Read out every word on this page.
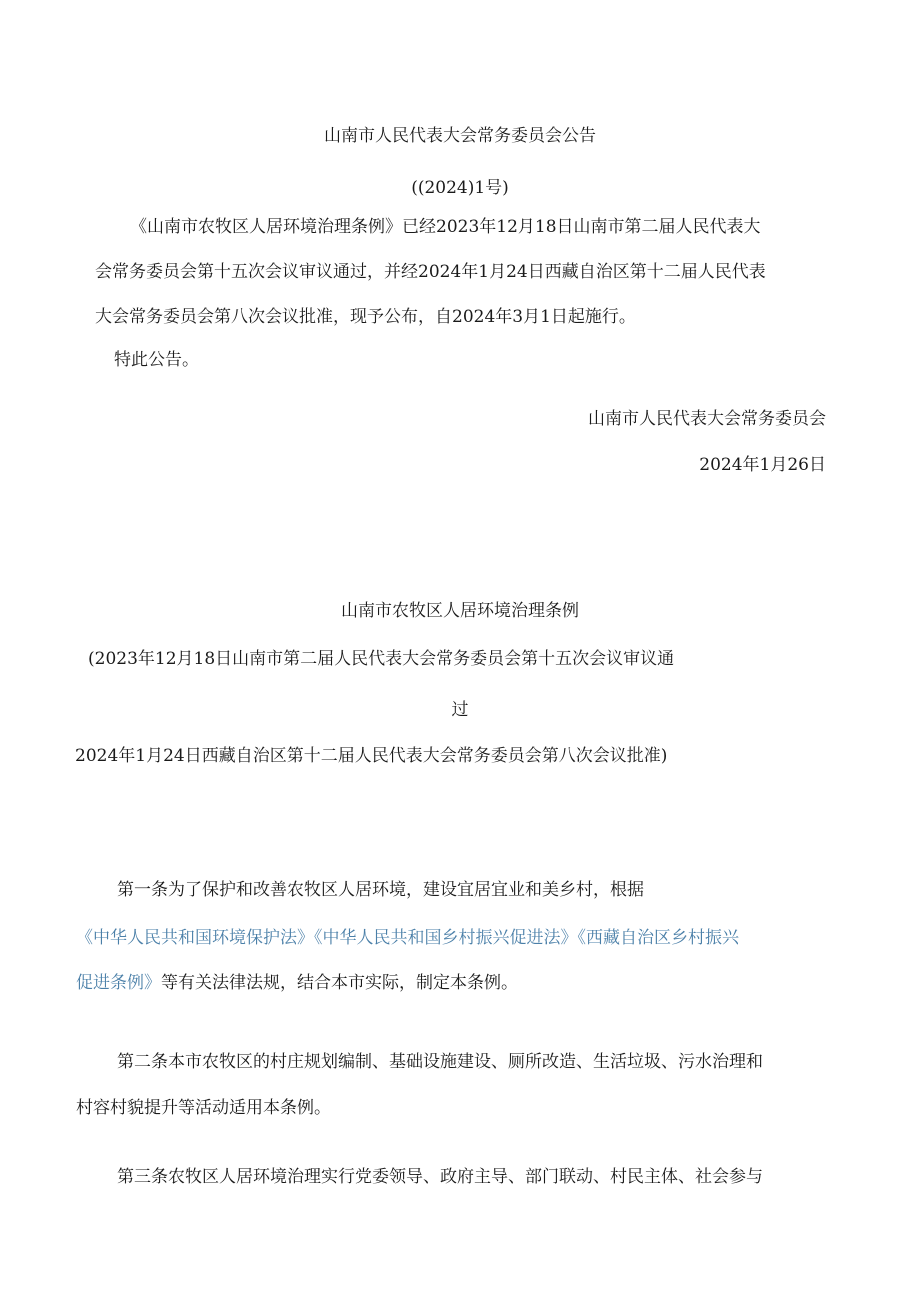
山南市人民代表大会常务委员会公告
((2024)1号)
《山南市农牧区人居环境治理条例》已经2023年12月18日山南市第二届人民代表大
会常务委员会第十五次会议审议通过，并经2024年1月24日西藏自治区第十二届人民代表
大会常务委员会第八次会议批准，现予公布，自2024年3月1日起施行。
特此公告。
山南市人民代表大会常务委员会
2024年1月26日
山南市农牧区人居环境治理条例
(2023年12月18日山南市第二届人民代表大会常务委员会第十五次会议审议通
过
2024年1月24日西藏自治区第十二届人民代表大会常务委员会第八次会议批准)
第一条为了保护和改善农牧区人居环境，建设宜居宜业和美乡村，根据
《中华人民共和国环境保护法》《中华人民共和国乡村振兴促进法》《西藏自治区乡村振兴
促进条例》等有关法律法规，结合本市实际，制定本条例。
第二条本市农牧区的村庄规划编制、基础设施建设、厕所改造、生活垃圾、污水治理和
村容村貌提升等活动适用本条例。
第三条农牧区人居环境治理实行党委领导、政府主导、部门联动、村民主体、社会参与
